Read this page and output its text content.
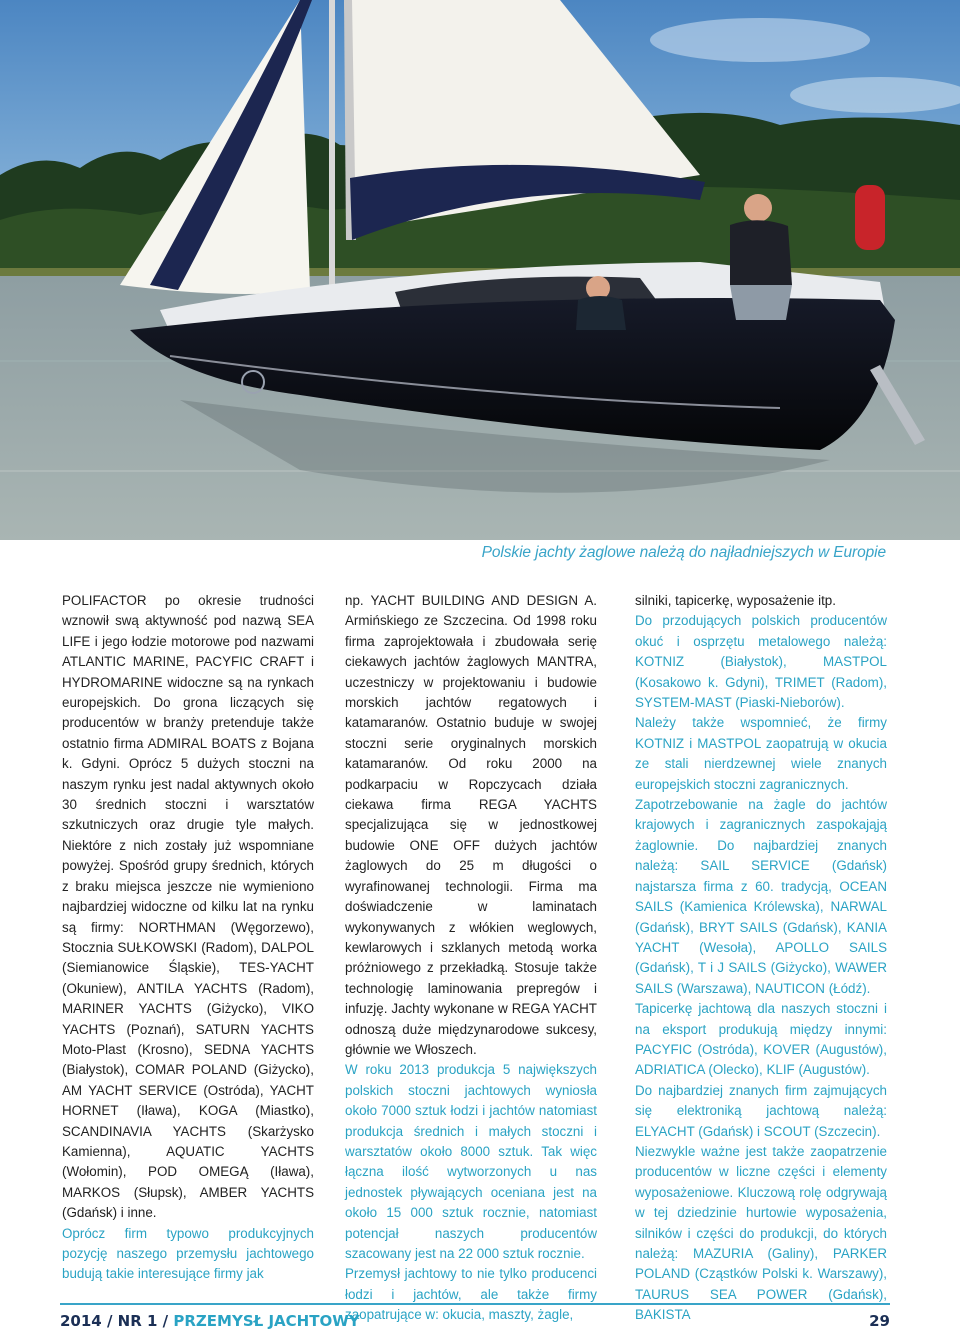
Polskie jachty żaglowe należą do najładniejszych w Europie

POLIFACTOR po okresie trudności wznowił swą aktywność pod nazwą SEA LIFE i jego łodzie motorowe pod nazwami ATLANTIC MARINE, PACYFIC CRAFT i HYDROMARINE widoczne są na rynkach europejskich. Do grona liczących się producentów w branży pretenduje także ostatnio firma ADMIRAL BOATS z Bojana k. Gdyni. Oprócz 5 dużych stoczni na naszym rynku jest nadal aktywnych około 30 średnich stoczni i warsztatów szkutniczych oraz drugie tyle małych. Niektóre z nich zostały już wspomniane powyżej. Spośród grupy średnich, których z braku miejsca jeszcze nie wymieniono najbardziej widoczne od kilku lat na rynku są firmy: NORTHMAN (Węgorzewo), Stocznia SUŁKOWSKI (Radom), DALPOL (Siemianowice Śląskie), TES-YACHT (Okuniew), ANTILA YACHTS (Radom), MARINER YACHTS (Giżycko), VIKO YACHTS (Poznań), SATURN YACHTS Moto-Plast (Krosno), SEDNA YACHTS (Białystok), COMAR POLAND (Giżycko), AM YACHT SERVICE (Ostróda), YACHT HORNET (Iława), KOGA (Miastko), SCANDINAVIA YACHTS (Skarżysko Kamienna), AQUATIC YACHTS (Wołomin), POD OMEGĄ (Iława), MARKOS (Słupsk), AMBER YACHTS (Gdańsk) i inne.

Oprócz firm typowo produkcyjnych pozycję naszego przemysłu jachtowego budują takie interesujące firmy jak

np. YACHT BUILDING AND DESIGN A. Armińskiego ze Szczecina. Od 1998 roku firma zaprojektowała i zbudowała serię ciekawych jachtów żaglowych MANTRA, uczestniczy w projektowaniu i budowie morskich jachtów regatowych i katamaranów. Ostatnio buduje w swojej stoczni serie oryginalnych morskich katamaranów. Od roku 2000 na podkarpaciu w Ropczycach działa ciekawa firma REGA YACHTS specjalizująca się w jednostkowej budowie ONE OFF dużych jachtów żaglowych do 25 m długości o wyrafinowanej technologii. Firma ma doświadczenie w laminatach wykonywanych z włókien weglowych, kewlarowych i szklanych metodą worka próżniowego z przekładką. Stosuje także technologię laminowania prepregów i infuzję. Jachty wykonane w REGA YACHT odnoszą duże międzynarodowe sukcesy, głównie we Włoszech.

W roku 2013 produkcja 5 największych polskich stoczni jachtowych wyniosła około 7000 sztuk łodzi i jachtów natomiast produkcja średnich i małych stoczni i warsztatów około 8000 sztuk. Tak więc łączna ilość wytworzonych u nas jednostek pływających oceniana jest na około 15 000 sztuk rocznie, natomiast potencjał naszych producentów szacowany jest na 22 000 sztuk rocznie.

Przemysł jachtowy to nie tylko producenci łodzi i jachtów, ale także firmy zaopatrujące w: okucia, maszty, żagle,

silniki, tapicerkę, wyposażenie itp.

Do przodujących polskich producentów okuć i osprzętu metalowego należą: KOTNIZ (Białystok), MASTPOL (Kosakowo k. Gdyni), TRIMET (Radom), SYSTEM-MAST (Piaski-Nieborów).

Należy także wspomnieć, że firmy KOTNIZ i MASTPOL zaopatrują w okucia ze stali nierdzewnej wiele znanych europejskich stoczni zagranicznych.

Zapotrzebowanie na żagle do jachtów krajowych i zagranicznych zaspokająją żaglownie. Do najbardziej znanych należą: SAIL SERVICE (Gdańsk) najstarsza firma z 60. tradycją, OCEAN SAILS (Kamienica Królewska), NARWAL (Gdańsk), BRYT SAILS (Gdańsk), KANIA YACHT (Wesoła), APOLLO SAILS (Gdańsk), T i J SAILS (Giżycko), WAWER SAILS (Warszawa), NAUTICON (Łódź).

Tapicerkę jachtową dla naszych stoczni i na eksport produkują między innymi: PACYFIC (Ostróda), KOVER (Augustów), ADRIATICA (Olecko), KLIF (Augustów).

Do najbardziej znanych firm zajmujących się elektroniką jachtową należą: ELYACHT (Gdańsk) i SCOUT (Szczecin).

Niezwykle ważne jest także zaopatrzenie producentów w liczne części i elementy wyposażeniowe. Kluczową rolę odgrywają w tej dziedzinie hurtowie wyposażenia, silników i części do produkcji, do których należą: MAZURIA (Galiny), PARKER POLAND (Cząstków Polski k. Warszawy), TAURUS SEA POWER (Gdańsk), BAKISTA

2014 / NR 1 / PRZEMYSŁ JACHTOWY	29
